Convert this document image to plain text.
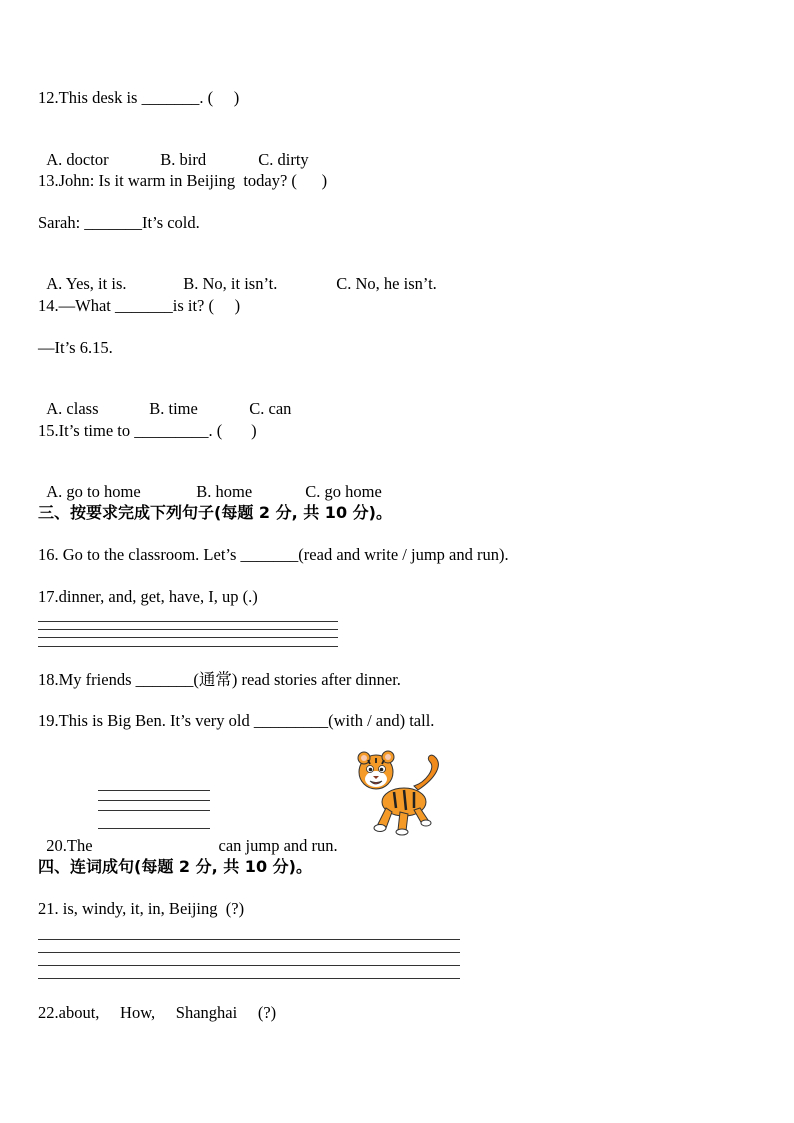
12.This desk is _______. (     )

A. doctor	B. bird	C. dirty

13.John: Is it warm in Beijing  today? (      )
Sarah: _______It’s cold.

A. Yes, it is.	B. No, it isn’t.	C. No, he isn’t.

14.—What _______is it? (     )
—It’s 6.15.

A. class	B. time	C. can

15.It’s time to _________. (       )

A. go to home	B. home	C. go home

三、按要求完成下列句子(每题 2 分, 共 10 分)。
16. Go to the classroom. Let’s _______(read and write / jump and run).
17.dinner, and, get, have, I, up (.)
18.My friends _______(通常) read stories after dinner.
19.This is Big Ben. It’s very old _________(with / and) tall.

20.The	can jump and run.

四、连词成句(每题 2 分, 共 10 分)。
21. is, windy, it, in, Beijing  (?)
22.about,     How,     Shanghai     (?)
